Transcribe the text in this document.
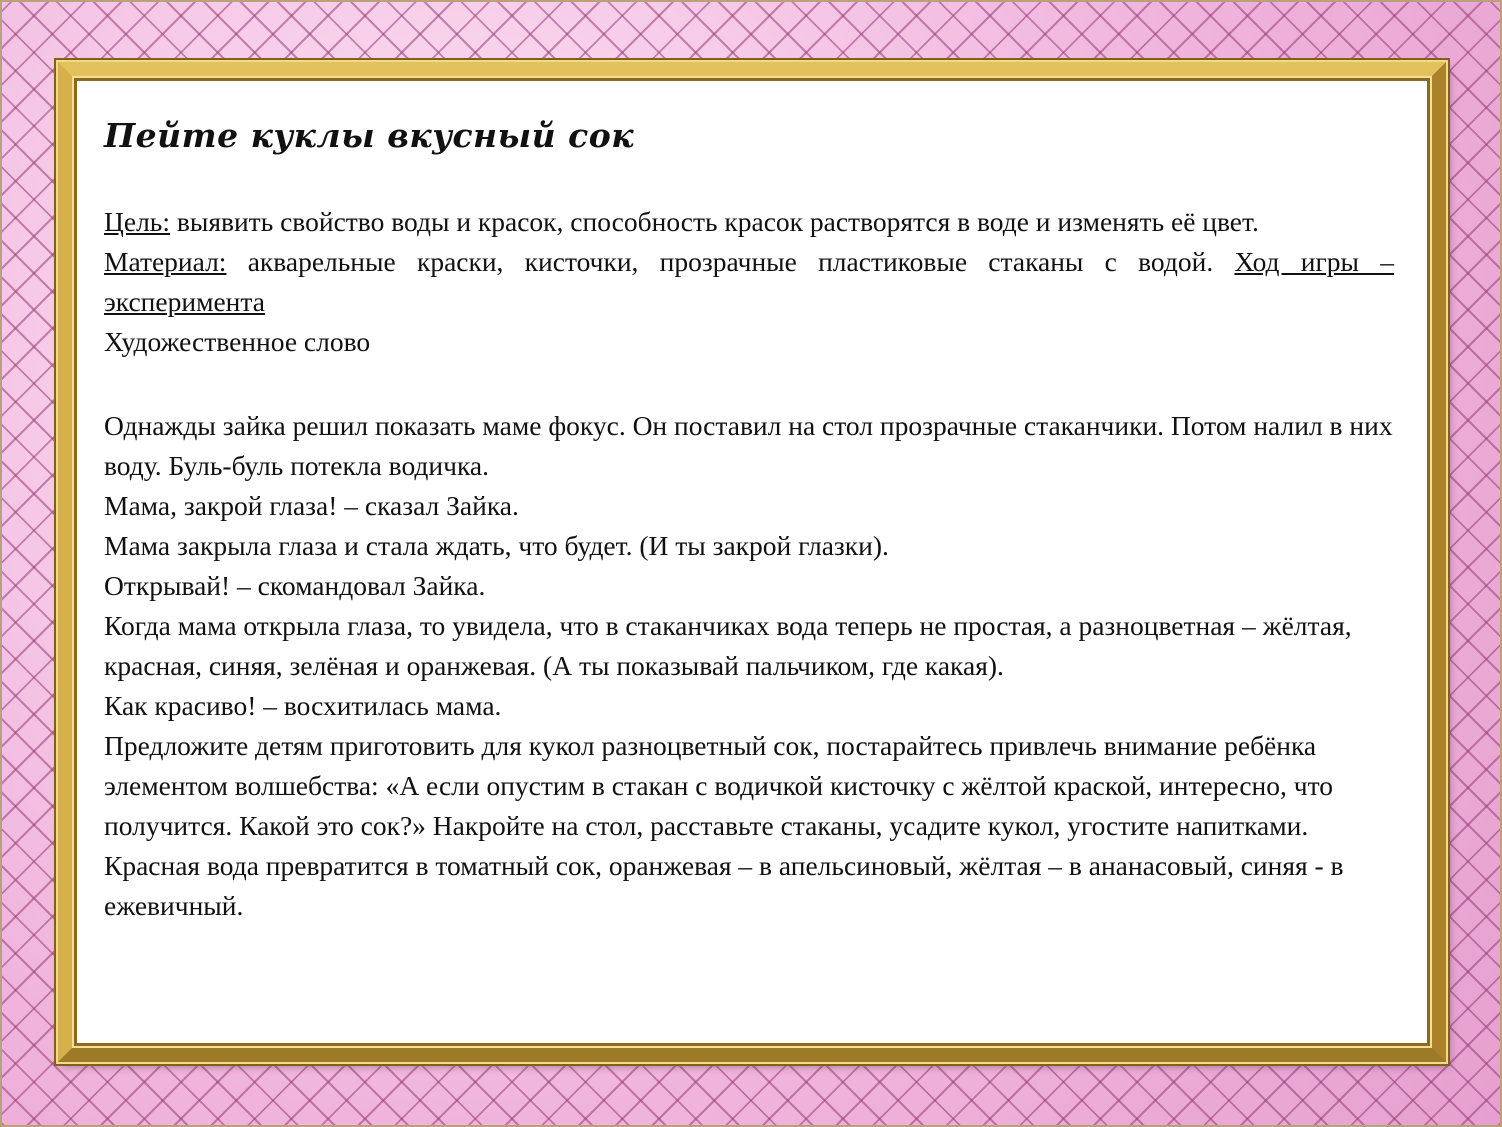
Пейте куклы вкусный сок

Цель: выявить свойство воды и красок, способность красок растворятся в воде и изменять её цвет.

Материал: акварельные краски, кисточки, прозрачные пластиковые стаканы с водой. Ход игры – эксперимента

Художественное слово

Однажды зайка решил показать маме фокус. Он поставил на стол прозрачные стаканчики. Потом налил в них воду. Буль-буль потекла водичка.

Мама, закрой глаза! – сказал Зайка.

Мама закрыла глаза и стала ждать, что будет. (И ты закрой глазки).

Открывай! – скомандовал Зайка.

Когда мама открыла глаза, то увидела, что в стаканчиках вода теперь не простая, а разноцветная – жёлтая, красная, синяя, зелёная и оранжевая. (А ты показывай пальчиком, где какая).

Как красиво! – восхитилась мама.

Предложите детям приготовить для кукол разноцветный сок, постарайтесь привлечь внимание ребёнка элементом волшебства: «А если опустим в стакан с водичкой кисточку с жёлтой краской, интересно, что получится. Какой это сок?» Накройте на стол, расставьте стаканы, усадите кукол, угостите напитками. Красная вода превратится в томатный сок, оранжевая – в апельсиновый, жёлтая – в ананасовый, синяя - в ежевичный.
